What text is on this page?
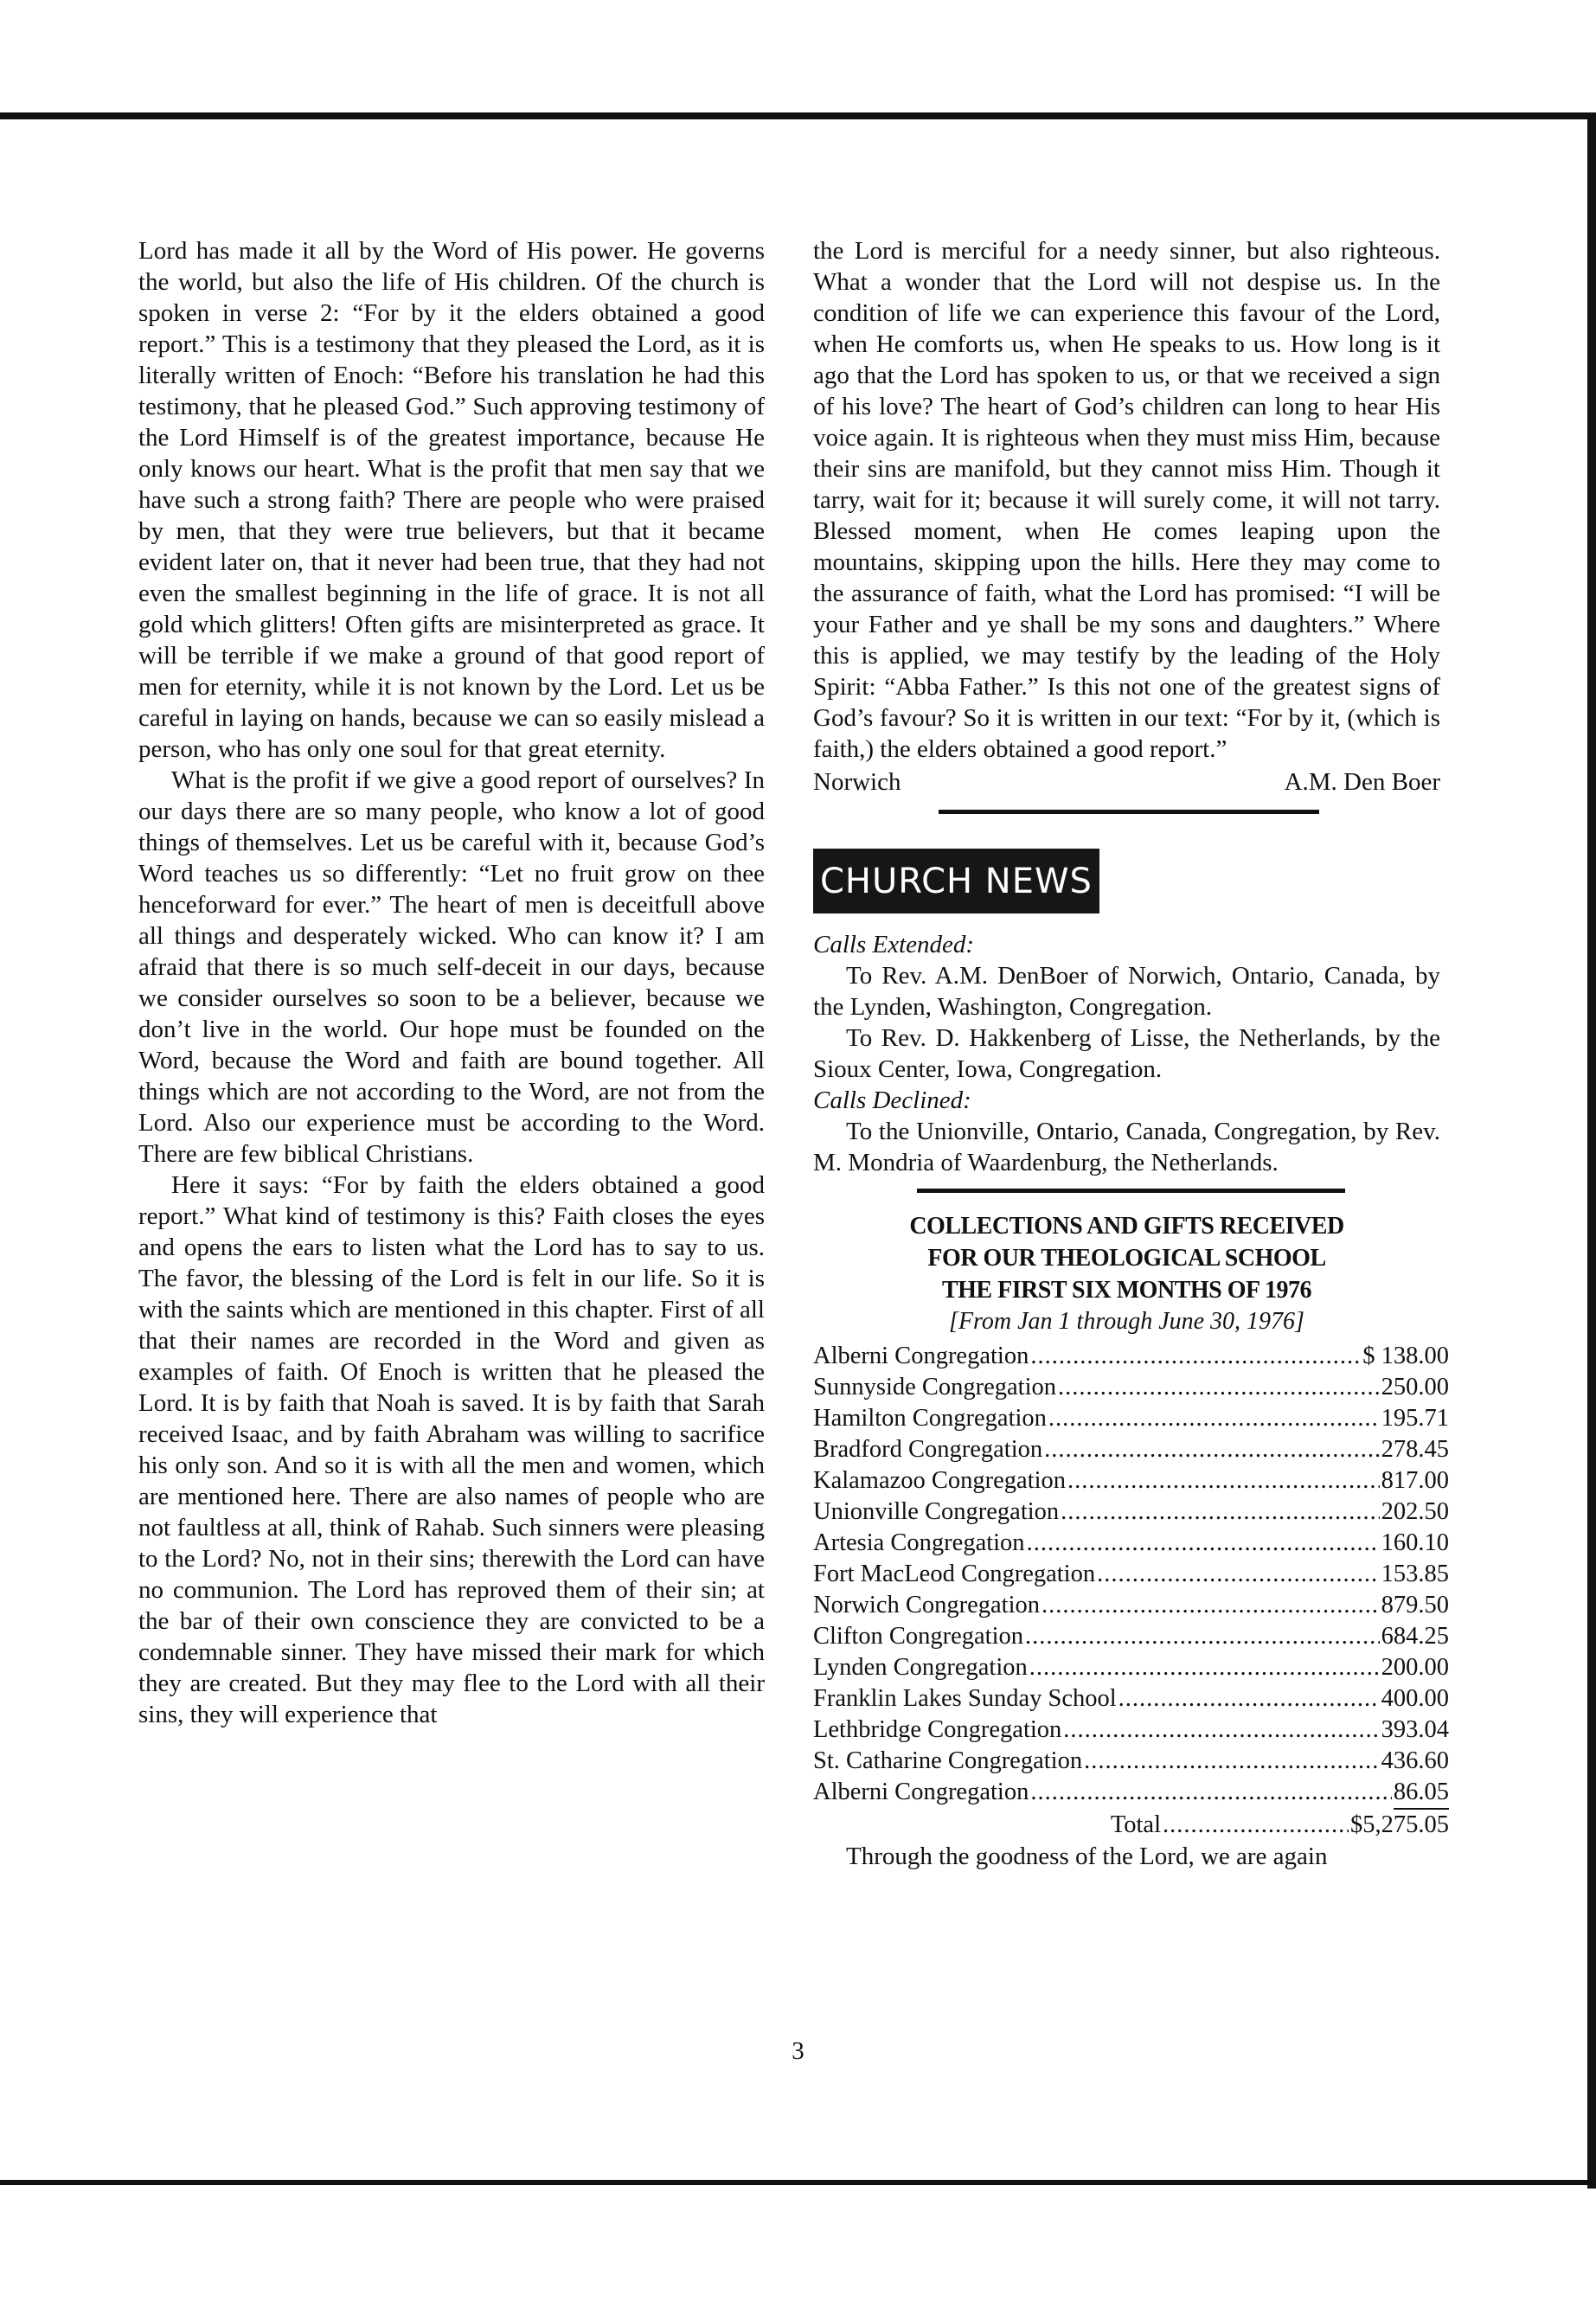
Lord has made it all by the Word of His power. He governs the world, but also the life of His children. Of the church is spoken in verse 2: “For by it the elders obtained a good report.” This is a testimony that they pleased the Lord, as it is literally written of Enoch: “Before his translation he had this testimony, that he pleased God.” Such approving testimony of the Lord Himself is of the greatest importance, because He only knows our heart. What is the profit that men say that we have such a strong faith? There are people who were praised by men, that they were true believers, but that it became evident later on, that it never had been true, that they had not even the smallest beginning in the life of grace. It is not all gold which glitters! Often gifts are misinterpreted as grace. It will be terrible if we make a ground of that good report of men for eternity, while it is not known by the Lord. Let us be careful in laying on hands, because we can so easily mislead a person, who has only one soul for that great eternity.

What is the profit if we give a good report of ourselves? In our days there are so many people, who know a lot of good things of themselves. Let us be careful with it, because God’s Word teaches us so differently: “Let no fruit grow on thee henceforward for ever.” The heart of men is deceitfull above all things and desperately wicked. Who can know it? I am afraid that there is so much self-deceit in our days, because we consider ourselves so soon to be a believer, because we don’t live in the world. Our hope must be founded on the Word, because the Word and faith are bound together. All things which are not according to the Word, are not from the Lord. Also our experience must be according to the Word. There are few biblical Christians.

Here it says: “For by faith the elders obtained a good report.” What kind of testimony is this? Faith closes the eyes and opens the ears to listen what the Lord has to say to us. The favor, the blessing of the Lord is felt in our life. So it is with the saints which are mentioned in this chapter. First of all that their names are recorded in the Word and given as examples of faith. Of Enoch is written that he pleased the Lord. It is by faith that Noah is saved. It is by faith that Sarah received Isaac, and by faith Abraham was willing to sacrifice his only son. And so it is with all the men and women, which are mentioned here. There are also names of people who are not faultless at all, think of Rahab. Such sinners were pleasing to the Lord? No, not in their sins; therewith the Lord can have no communion. The Lord has reproved them of their sin; at the bar of their own conscience they are convicted to be a condemnable sinner. They have missed their mark for which they are created. But they may flee to the Lord with all their sins, they will experience that

the Lord is merciful for a needy sinner, but also righteous. What a wonder that the Lord will not despise us. In the condition of life we can experience this favour of the Lord, when He comforts us, when He speaks to us. How long is it ago that the Lord has spoken to us, or that we received a sign of his love? The heart of God’s children can long to hear His voice again. It is righteous when they must miss Him, because their sins are manifold, but they cannot miss Him. Though it tarry, wait for it; because it will surely come, it will not tarry. Blessed moment, when He comes leaping upon the mountains, skipping upon the hills. Here they may come to the assurance of faith, what the Lord has promised: “I will be your Father and ye shall be my sons and daughters.” Where this is applied, we may testify by the leading of the Holy Spirit: “Abba Father.” Is this not one of the greatest signs of God’s favour? So it is written in our text: “For by it, (which is faith,) the elders obtained a good report.”

Norwich	A.M. Den Boer
CHURCH NEWS
Calls Extended:

To Rev. A.M. DenBoer of Norwich, Ontario, Canada, by the Lynden, Washington, Congregation.

To Rev. D. Hakkenberg of Lisse, the Netherlands, by the Sioux Center, Iowa, Congregation.

Calls Declined:

To the Unionville, Ontario, Canada, Congregation, by Rev. M. Mondria of Waardenburg, the Netherlands.

COLLECTIONS AND GIFTS RECEIVED
FOR OUR THEOLOGICAL SCHOOL
THE FIRST SIX MONTHS OF 1976
[From Jan 1 through June 30, 1976]
Alberni Congregation .....	$ 138.00
Sunnyside Congregation .....	250.00
Hamilton Congregation .....	195.71
Bradford Congregation .....	278.45
Kalamazoo Congregation .....	817.00
Unionville Congregation .....	202.50
Artesia Congregation .....	160.10
Fort MacLeod Congregation .....	153.85
Norwich Congregation .....	879.50
Clifton Congregation .....	684.25
Lynden Congregation .....	200.00
Franklin Lakes Sunday School .....	400.00
Lethbridge Congregation .....	393.04
St. Catharine Congregation .....	436.60
Alberni Congregation .....	86.05
Total .....	$5,275.05

Through the goodness of the Lord, we are again

3
